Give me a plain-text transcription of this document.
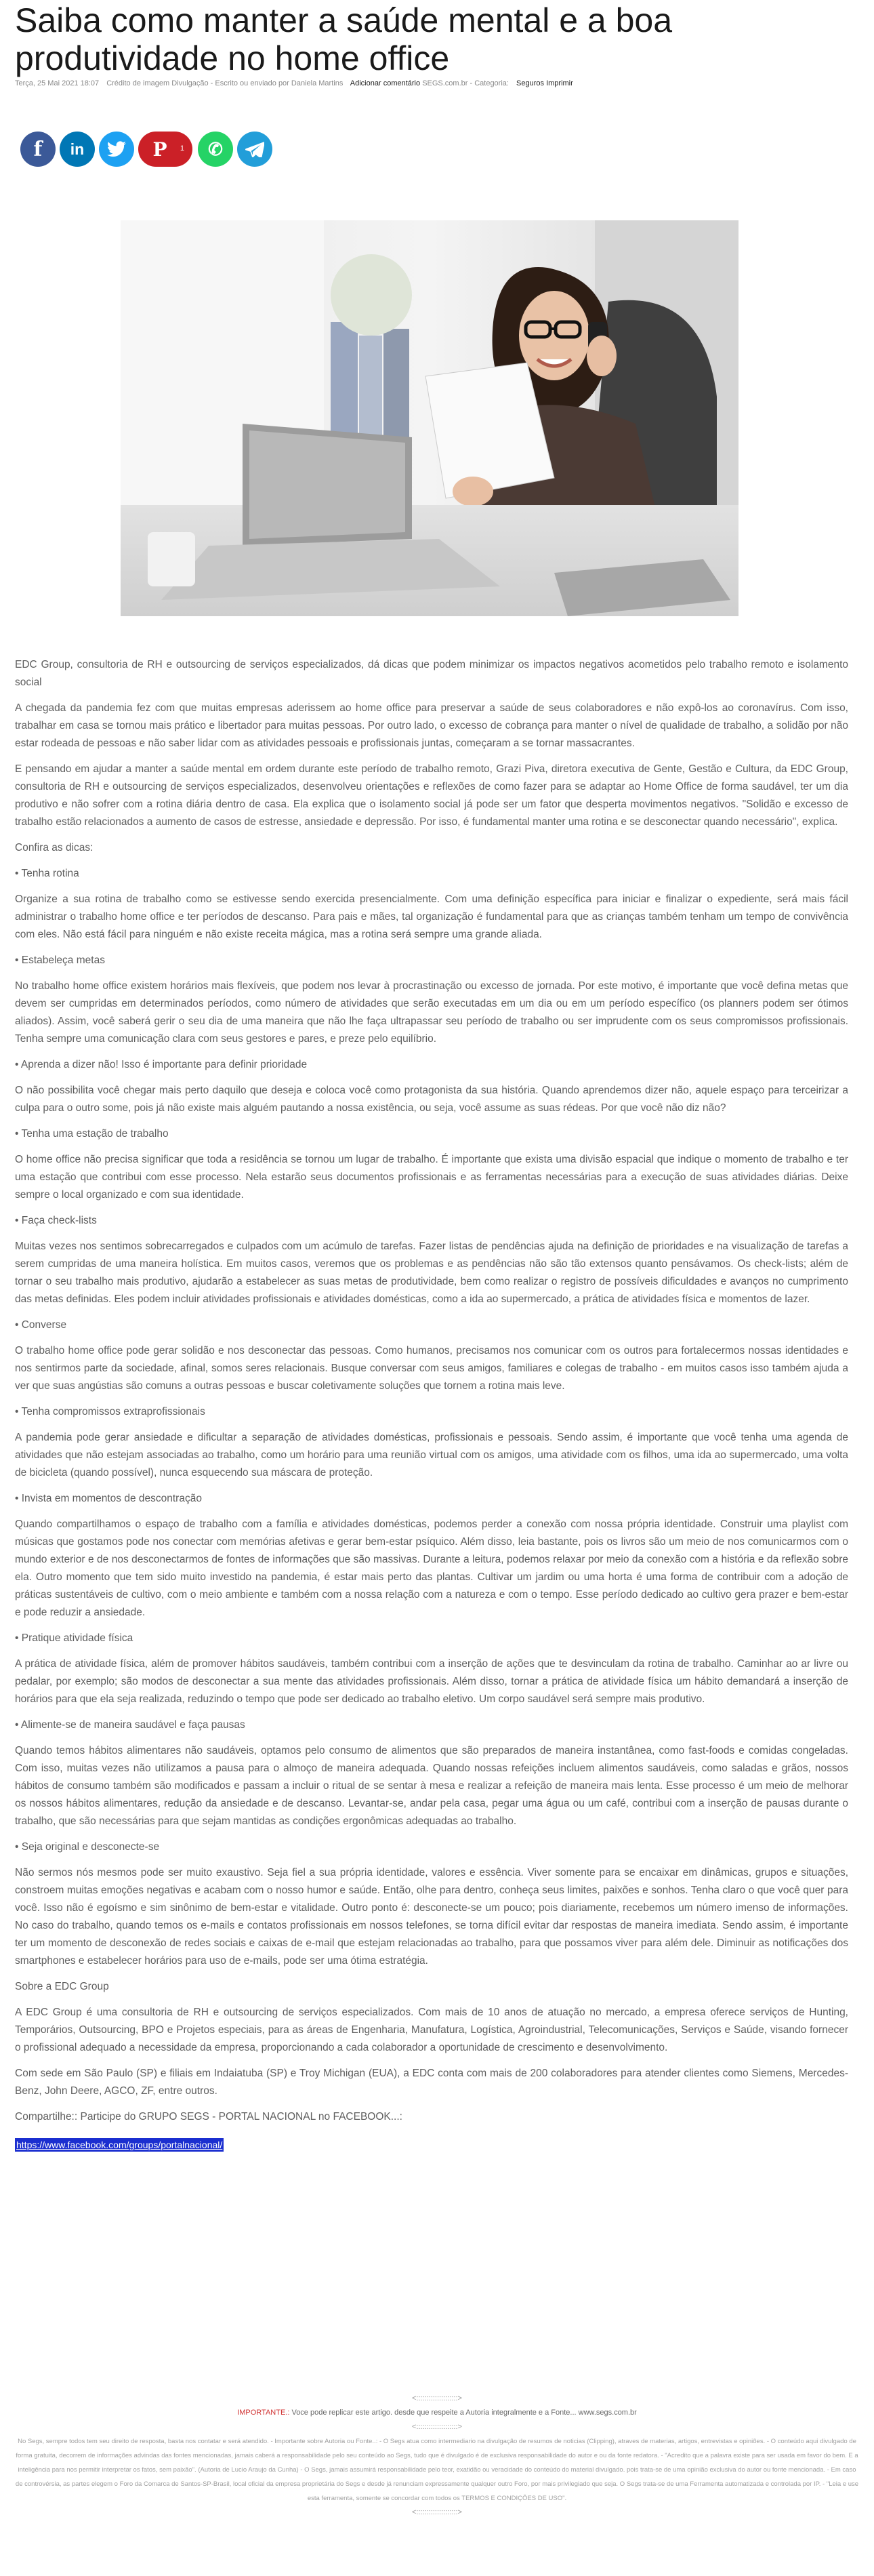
Saiba como manter a saúde mental e a boa produtividade no home office
Terça, 25 Mai 2021 18:07 Crédito de imagem Divulgação - Escrito ou enviado por Daniela Martins Adicionar comentário SEGS.com.br - Categoria: Seguros Imprimir
f in	P 1 ✆

EDC Group, consultoria de RH e outsourcing de serviços especializados, dá dicas que podem minimizar os impactos negativos acometidos pelo trabalho remoto e isolamento social

A chegada da pandemia fez com que muitas empresas aderissem ao home office para preservar a saúde de seus colaboradores e não expô-los ao coronavírus. Com isso, trabalhar em casa se tornou mais prático e libertador para muitas pessoas. Por outro lado, o excesso de cobrança para manter o nível de qualidade de trabalho, a solidão por não estar rodeada de pessoas e não saber lidar com as atividades pessoais e profissionais juntas, começaram a se tornar massacrantes.

E pensando em ajudar a manter a saúde mental em ordem durante este período de trabalho remoto, Grazi Piva, diretora executiva de Gente, Gestão e Cultura, da EDC Group, consultoria de RH e outsourcing de serviços especializados, desenvolveu orientações e reflexões de como fazer para se adaptar ao Home Office de forma saudável, ter um dia produtivo e não sofrer com a rotina diária dentro de casa. Ela explica que o isolamento social já pode ser um fator que desperta movimentos negativos. "Solidão e excesso de trabalho estão relacionados a aumento de casos de estresse, ansiedade e depressão. Por isso, é fundamental manter uma rotina e se desconectar quando necessário", explica.

Confira as dicas:

• Tenha rotina

Organize a sua rotina de trabalho como se estivesse sendo exercida presencialmente. Com uma definição específica para iniciar e finalizar o expediente, será mais fácil administrar o trabalho home office e ter períodos de descanso. Para pais e mães, tal organização é fundamental para que as crianças também tenham um tempo de convivência com eles. Não está fácil para ninguém e não existe receita mágica, mas a rotina será sempre uma grande aliada.

• Estabeleça metas

No trabalho home office existem horários mais flexíveis, que podem nos levar à procrastinação ou excesso de jornada. Por este motivo, é importante que você defina metas que devem ser cumpridas em determinados períodos, como número de atividades que serão executadas em um dia ou em um período específico (os planners podem ser ótimos aliados). Assim, você saberá gerir o seu dia de uma maneira que não lhe faça ultrapassar seu período de trabalho ou ser imprudente com os seus compromissos profissionais. Tenha sempre uma comunicação clara com seus gestores e pares, e preze pelo equilíbrio.

• Aprenda a dizer não! Isso é importante para definir prioridade

O não possibilita você chegar mais perto daquilo que deseja e coloca você como protagonista da sua história. Quando aprendemos dizer não, aquele espaço para terceirizar a culpa para o outro some, pois já não existe mais alguém pautando a nossa existência, ou seja, você assume as suas rédeas. Por que você não diz não?

• Tenha uma estação de trabalho

O home office não precisa significar que toda a residência se tornou um lugar de trabalho. É importante que exista uma divisão espacial que indique o momento de trabalho e ter uma estação que contribui com esse processo. Nela estarão seus documentos profissionais e as ferramentas necessárias para a execução de suas atividades diárias. Deixe sempre o local organizado e com sua identidade.

• Faça check-lists

Muitas vezes nos sentimos sobrecarregados e culpados com um acúmulo de tarefas. Fazer listas de pendências ajuda na definição de prioridades e na visualização de tarefas a serem cumpridas de uma maneira holística. Em muitos casos, veremos que os problemas e as pendências não são tão extensos quanto pensávamos. Os check-lists; além de tornar o seu trabalho mais produtivo, ajudarão a estabelecer as suas metas de produtividade, bem como realizar o registro de possíveis dificuldades e avanços no cumprimento das metas definidas. Eles podem incluir atividades profissionais e atividades domésticas, como a ida ao supermercado, a prática de atividades física e momentos de lazer.

• Converse

O trabalho home office pode gerar solidão e nos desconectar das pessoas. Como humanos, precisamos nos comunicar com os outros para fortalecermos nossas identidades e nos sentirmos parte da sociedade, afinal, somos seres relacionais. Busque conversar com seus amigos, familiares e colegas de trabalho - em muitos casos isso também ajuda a ver que suas angústias são comuns a outras pessoas e buscar coletivamente soluções que tornem a rotina mais leve.

• Tenha compromissos extraprofissionais

A pandemia pode gerar ansiedade e dificultar a separação de atividades domésticas, profissionais e pessoais. Sendo assim, é importante que você tenha uma agenda de atividades que não estejam associadas ao trabalho, como um horário para uma reunião virtual com os amigos, uma atividade com os filhos, uma ida ao supermercado, uma volta de bicicleta (quando possível), nunca esquecendo sua máscara de proteção.

• Invista em momentos de descontração

Quando compartilhamos o espaço de trabalho com a família e atividades domésticas, podemos perder a conexão com nossa própria identidade. Construir uma playlist com músicas que gostamos pode nos conectar com memórias afetivas e gerar bem-estar psíquico. Além disso, leia bastante, pois os livros são um meio de nos comunicarmos com o mundo exterior e de nos desconectarmos de fontes de informações que são massivas. Durante a leitura, podemos relaxar por meio da conexão com a história e da reflexão sobre ela. Outro momento que tem sido muito investido na pandemia, é estar mais perto das plantas. Cultivar um jardim ou uma horta é uma forma de contribuir com a adoção de práticas sustentáveis de cultivo, com o meio ambiente e também com a nossa relação com a natureza e com o tempo. Esse período dedicado ao cultivo gera prazer e bem-estar e pode reduzir a ansiedade.

• Pratique atividade física

A prática de atividade física, além de promover hábitos saudáveis, também contribui com a inserção de ações que te desvinculam da rotina de trabalho. Caminhar ao ar livre ou pedalar, por exemplo; são modos de desconectar a sua mente das atividades profissionais. Além disso, tornar a prática de atividade física um hábito demandará a inserção de horários para que ela seja realizada, reduzindo o tempo que pode ser dedicado ao trabalho eletivo. Um corpo saudável será sempre mais produtivo.

• Alimente-se de maneira saudável e faça pausas

Quando temos hábitos alimentares não saudáveis, optamos pelo consumo de alimentos que são preparados de maneira instantânea, como fast-foods e comidas congeladas. Com isso, muitas vezes não utilizamos a pausa para o almoço de maneira adequada. Quando nossas refeições incluem alimentos saudáveis, como saladas e grãos, nossos hábitos de consumo também são modificados e passam a incluir o ritual de se sentar à mesa e realizar a refeição de maneira mais lenta. Esse processo é um meio de melhorar os nossos hábitos alimentares, redução da ansiedade e de descanso. Levantar-se, andar pela casa, pegar uma água ou um café, contribui com a inserção de pausas durante o trabalho, que são necessárias para que sejam mantidas as condições ergonômicas adequadas ao trabalho.

• Seja original e desconecte-se

Não sermos nós mesmos pode ser muito exaustivo. Seja fiel a sua própria identidade, valores e essência. Viver somente para se encaixar em dinâmicas, grupos e situações, constroem muitas emoções negativas e acabam com o nosso humor e saúde. Então, olhe para dentro, conheça seus limites, paixões e sonhos. Tenha claro o que você quer para você. Isso não é egoísmo e sim sinônimo de bem-estar e vitalidade. Outro ponto é: desconecte-se um pouco; pois diariamente, recebemos um número imenso de informações. No caso do trabalho, quando temos os e-mails e contatos profissionais em nossos telefones, se torna difícil evitar dar respostas de maneira imediata. Sendo assim, é importante ter um momento de desconexão de redes sociais e caixas de e-mail que estejam relacionadas ao trabalho, para que possamos viver para além dele. Diminuir as notificações dos smartphones e estabelecer horários para uso de e-mails, pode ser uma ótima estratégia.

Sobre a EDC Group

A EDC Group é uma consultoria de RH e outsourcing de serviços especializados. Com mais de 10 anos de atuação no mercado, a empresa oferece serviços de Hunting, Temporários, Outsourcing, BPO e Projetos especiais, para as áreas de Engenharia, Manufatura, Logística, Agroindustrial, Telecomunicações, Serviços e Saúde, visando fornecer o profissional adequado a necessidade da empresa, proporcionando a cada colaborador a oportunidade de crescimento e desenvolvimento.

Com sede em São Paulo (SP) e filiais em Indaiatuba (SP) e Troy Michigan (EUA), a EDC conta com mais de 200 colaboradores para atender clientes como Siemens, Mercedes-Benz, John Deere, AGCO, ZF, entre outros.

Compartilhe:: Participe do GRUPO SEGS - PORTAL NACIONAL no FACEBOOK...:

https://www.facebook.com/groups/portalnacional/
<::::::::::::::::::::>
IMPORTANTE.: Voce pode replicar este artigo. desde que respeite a Autoria integralmente e a Fonte... www.segs.com.br
<::::::::::::::::::::>
No Segs, sempre todos tem seu direito de resposta, basta nos contatar e será atendido. - Importante sobre Autoria ou Fonte..: - O Segs atua como intermediario na divulgação de resumos de noticias (Clipping), atraves de materias, artigos, entrevistas e opiniões. - O conteúdo aqui divulgado de forma gratuita, decorrem de informações advindas das fontes mencionadas, jamais caberá a responsabilidade pelo seu conteúdo ao Segs, tudo que é divulgado é de exclusiva responsabilidade do autor e ou da fonte redatora. - "Acredito que a palavra existe para ser usada em favor do bem. E a inteligência para nos permitir interpretar os fatos, sem paixão". (Autoria de Lucio Araujo da Cunha) - O Segs, jamais assumirá responsabilidade pelo teor, exatidão ou veracidade do conteúdo do material divulgado. pois trata-se de uma opinião exclusiva do autor ou fonte mencionada. - Em caso de controvérsia, as partes elegem o Foro da Comarca de Santos-SP-Brasil, local oficial da empresa proprietária do Segs e desde já renunciam expressamente qualquer outro Foro, por mais privilegiado que seja. O Segs trata-se de uma Ferramenta automatizada e controlada por IP. - "Leia e use esta ferramenta, somente se concordar com todos os TERMOS E CONDIÇÕES DE USO".
<::::::::::::::::::::>
